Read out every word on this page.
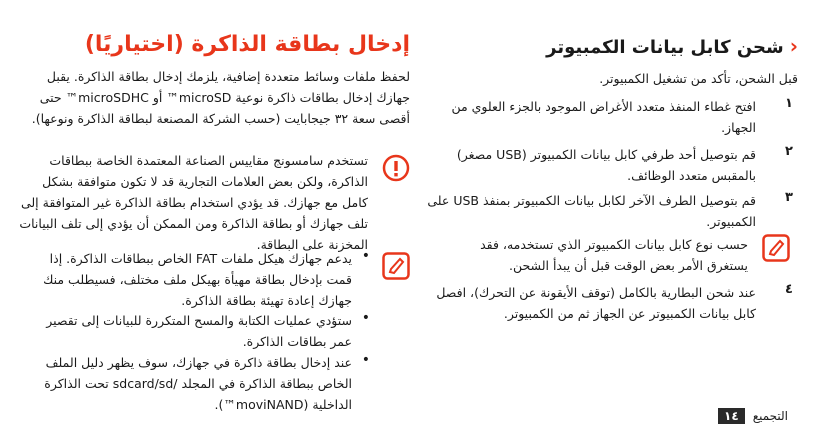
‹شحن كابل بيانات الكمبيوتر

قبل الشحن، تأكد من تشغيل الكمبيوتر.

١
افتح غطاء المنفذ متعدد الأغراض الموجود بالجزء العلوي من الجهاز.
٢
قم بتوصيل أحد طرفي كابل بيانات الكمبيوتر (USB مصغر) بالمقبس متعدد الوظائف.
٣
قم بتوصيل الطرف الآخر لكابل بيانات الكمبيوتر بمنفذ USB على الكمبيوتر.
حسب نوع كابل بيانات الكمبيوتر الذي تستخدمه، فقد يستغرق الأمر بعض الوقت قبل أن يبدأ الشحن.
٤
عند شحن البطارية بالكامل (توقف الأيقونة عن التحرك)، افصل كابل بيانات الكمبيوتر عن الجهاز ثم من الكمبيوتر.
إدخال بطاقة الذاكرة (اختياريًا)

لحفظ ملفات وسائط متعددة إضافية، يلزمك إدخال بطاقة الذاكرة. يقبل جهازك إدخال بطاقات ذاكرة نوعية microSD™ أو microSDHC™ حتى أقصى سعة ٣٢ جيجابايت (حسب الشركة المصنعة لبطاقة الذاكرة ونوعها).

تستخدم سامسونج مقاييس الصناعة المعتمدة الخاصة ببطاقات الذاكرة، ولكن بعض العلامات التجارية قد لا تكون متوافقة بشكل كامل مع جهازك. قد يؤدي استخدام بطاقة الذاكرة غير المتوافقة إلى تلف جهازك أو بطاقة الذاكرة ومن الممكن أن يؤدي إلى تلف البيانات المخزنة على البطاقة.
•
يدعم جهازك هيكل ملفات FAT الخاص ببطاقات الذاكرة. إذا قمت بإدخال بطاقة مهيأة بهيكل ملف مختلف، فسيطلب منك جهازك إعادة تهيئة بطاقة الذاكرة.
•
ستؤدي عمليات الكتابة والمسح المتكررة للبيانات إلى تقصير عمر بطاقات الذاكرة.
•
عند إدخال بطاقة ذاكرة في جهازك، سوف يظهر دليل الملف الخاص ببطاقة الذاكرة في المجلد /sdcard/sd تحت الذاكرة الداخلية (moviNAND™).
التجميع
١٤
